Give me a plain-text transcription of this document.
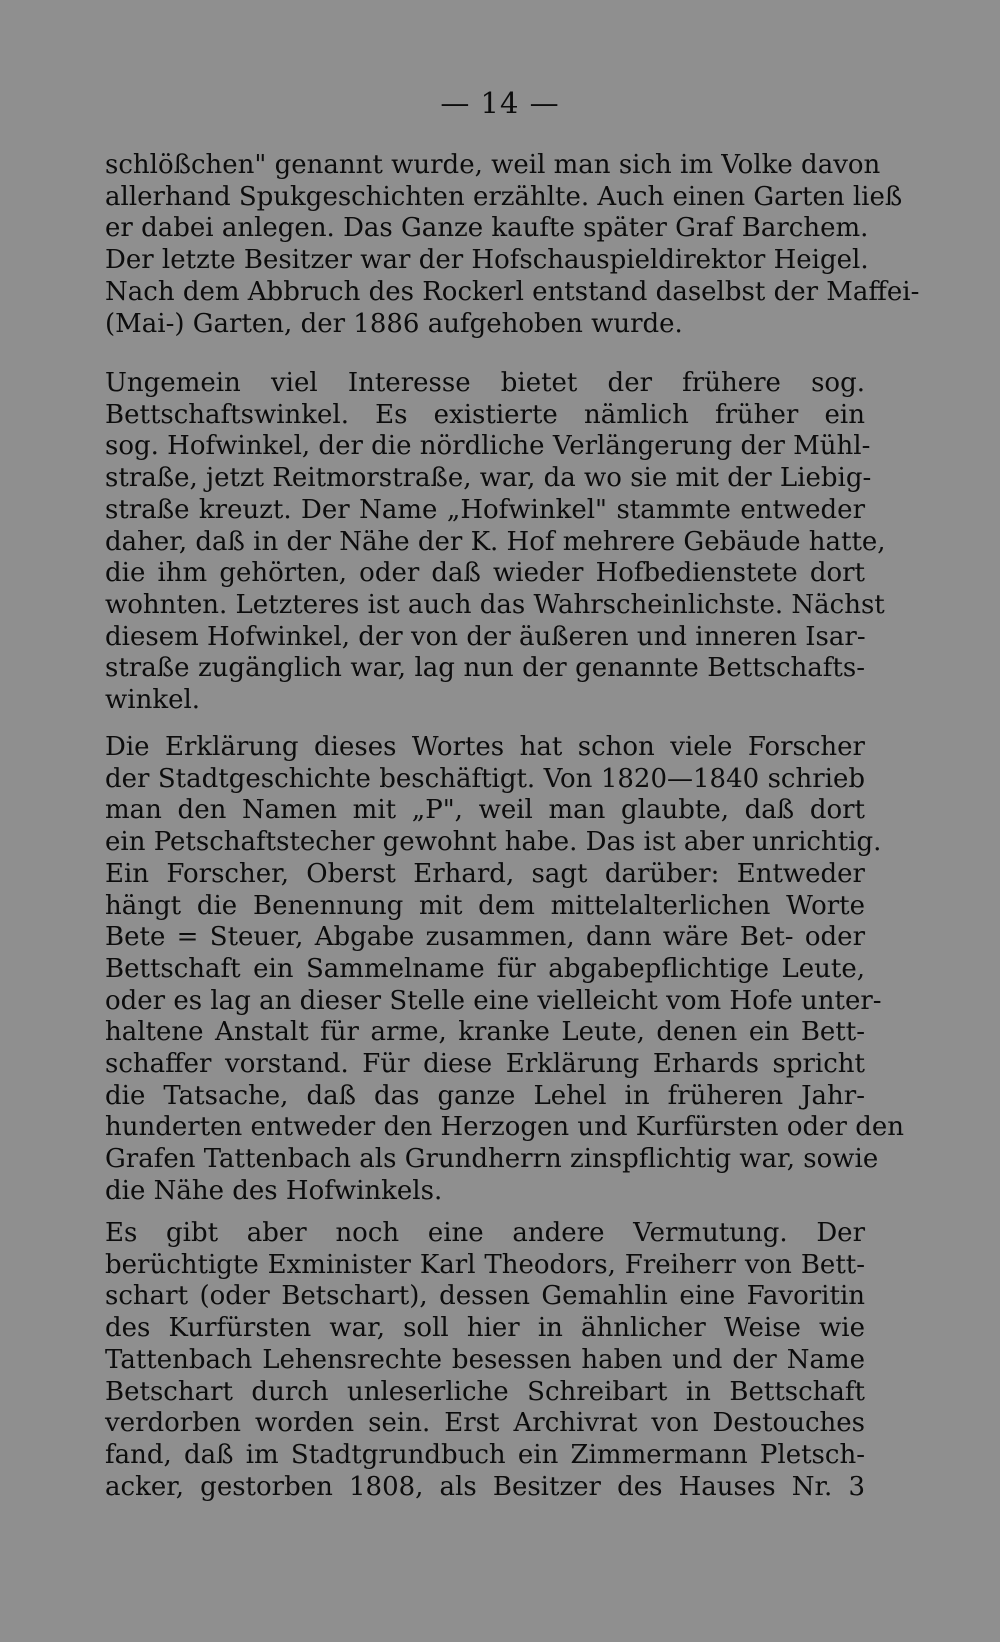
— 14 —
schlößchen" genannt wurde, weil man sich im Volke davon
allerhand Spukgeschichten erzählte. Auch einen Garten ließ
er dabei anlegen. Das Ganze kaufte später Graf Barchem.
Der letzte Besitzer war der Hofschauspieldirektor Heigel.
Nach dem Abbruch des Rockerl entstand daselbst der Maffei-
(Mai-) Garten, der 1886 aufgehoben wurde.
Ungemein viel Interesse bietet der frühere sog.
Bettschaftswinkel. Es existierte nämlich früher ein
sog. Hofwinkel, der die nördliche Verlängerung der Mühl-
straße, jetzt Reitmorstraße, war, da wo sie mit der Liebig-
straße kreuzt. Der Name „Hofwinkel" stammte entweder
daher, daß in der Nähe der K. Hof mehrere Gebäude hatte,
die ihm gehörten, oder daß wieder Hofbedienstete dort
wohnten. Letzteres ist auch das Wahrscheinlichste. Nächst
diesem Hofwinkel, der von der äußeren und inneren Isar-
straße zugänglich war, lag nun der genannte Bettschafts-
winkel.
Die Erklärung dieses Wortes hat schon viele Forscher
der Stadtgeschichte beschäftigt. Von 1820—1840 schrieb
man den Namen mit „P", weil man glaubte, daß dort
ein Petschaftstecher gewohnt habe. Das ist aber unrichtig.
Ein Forscher, Oberst Erhard, sagt darüber: Entweder
hängt die Benennung mit dem mittelalterlichen Worte
Bete = Steuer, Abgabe zusammen, dann wäre Bet- oder
Bettschaft ein Sammelname für abgabepflichtige Leute,
oder es lag an dieser Stelle eine vielleicht vom Hofe unter-
haltene Anstalt für arme, kranke Leute, denen ein Bett-
schaffer vorstand. Für diese Erklärung Erhards spricht
die Tatsache, daß das ganze Lehel in früheren Jahr-
hunderten entweder den Herzogen und Kurfürsten oder den
Grafen Tattenbach als Grundherrn zinspflichtig war, sowie
die Nähe des Hofwinkels.
Es gibt aber noch eine andere Vermutung. Der
berüchtigte Exminister Karl Theodors, Freiherr von Bett-
schart (oder Betschart), dessen Gemahlin eine Favoritin
des Kurfürsten war, soll hier in ähnlicher Weise wie
Tattenbach Lehensrechte besessen haben und der Name
Betschart durch unleserliche Schreibart in Bettschaft
verdorben worden sein. Erst Archivrat von Destouches
fand, daß im Stadtgrundbuch ein Zimmermann Pletsch-
acker, gestorben 1808, als Besitzer des Hauses Nr. 3
